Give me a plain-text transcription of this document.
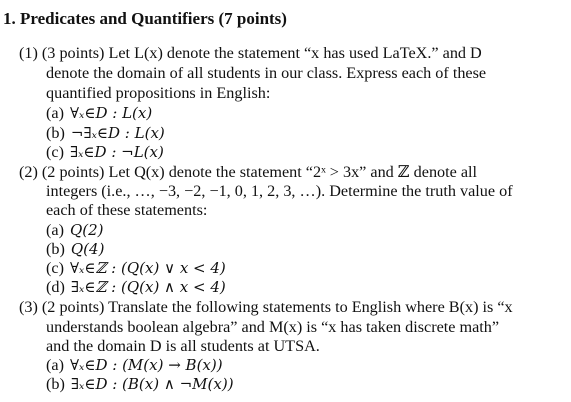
1. Predicates and Quantifiers (7 points)
(1) (3 points) Let L(x) denote the statement “x has used LaTeX.” and D
denote the domain of all students in our class. Express each of these
quantified propositions in English:
(a) ∀ₓ∈D : L(x)
(b) ¬∃ₓ∈D : L(x)
(c) ∃ₓ∈D : ¬L(x)
(2) (2 points) Let Q(x) denote the statement “2ˣ > 3x” and ℤ denote all
integers (i.e., …, −3, −2, −1, 0, 1, 2, 3, …). Determine the truth value of
each of these statements:
(a) Q(2)
(b) Q(4)
(c) ∀ₓ∈ℤ : (Q(x) ∨ x < 4)
(d) ∃ₓ∈ℤ : (Q(x) ∧ x < 4)
(3) (2 points) Translate the following statements to English where B(x) is “x
understands boolean algebra” and M(x) is “x has taken discrete math”
and the domain D is all students at UTSA.
(a) ∀ₓ∈D : (M(x) → B(x))
(b) ∃ₓ∈D : (B(x) ∧ ¬M(x))
